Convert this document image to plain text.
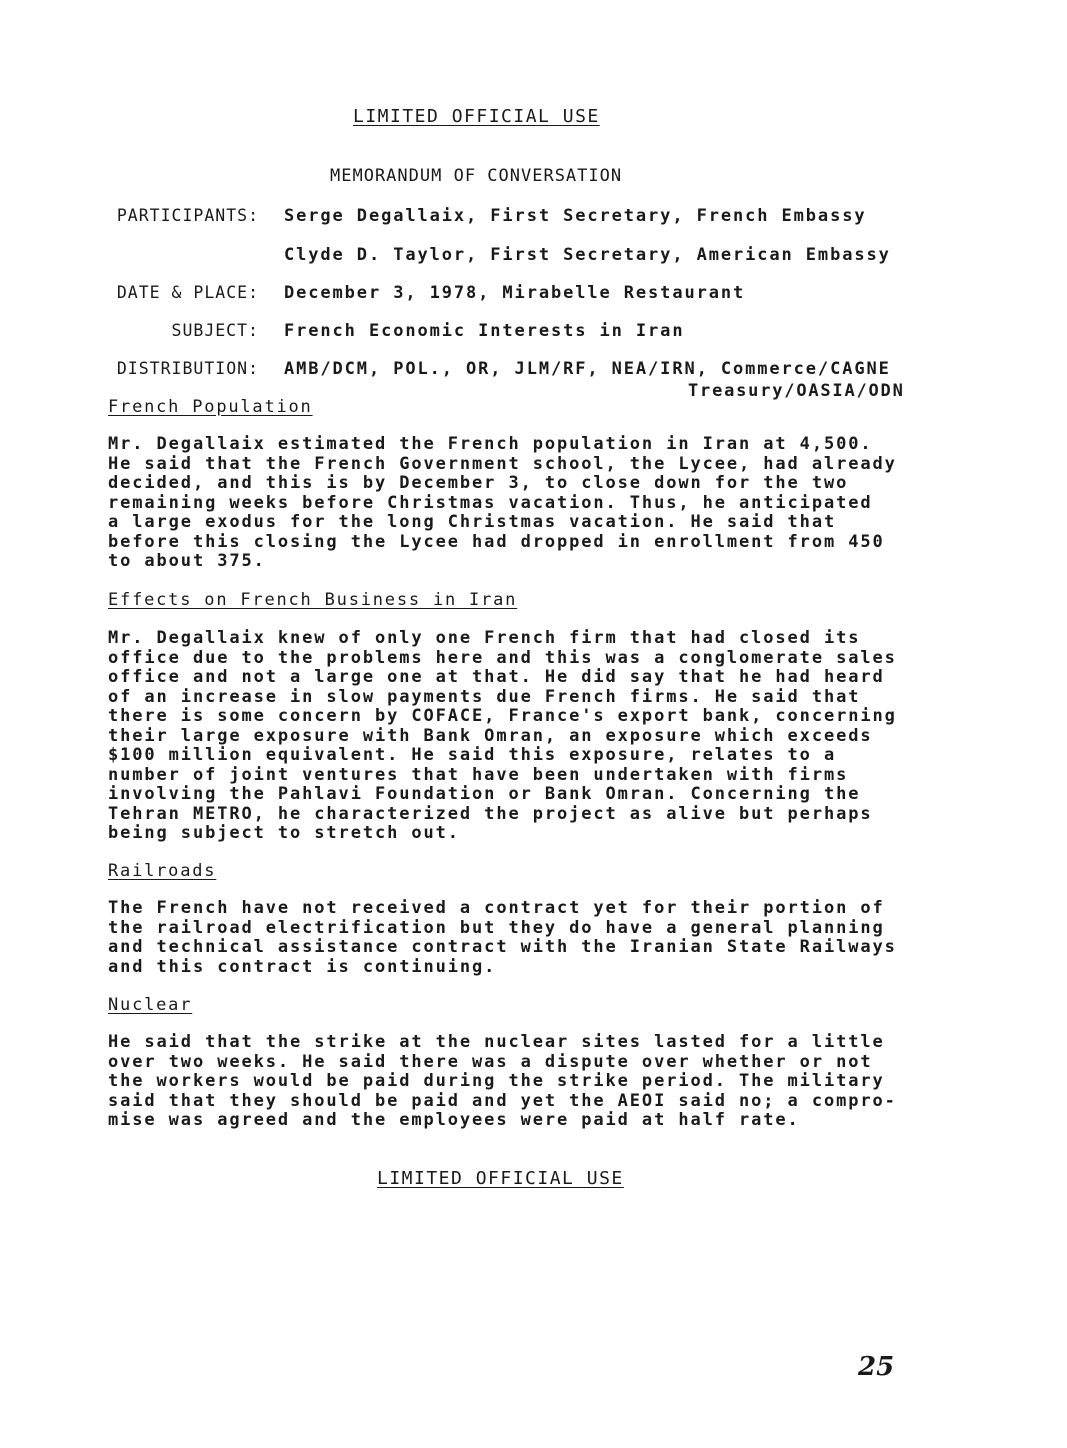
LIMITED OFFICIAL USE
MEMORANDUM OF CONVERSATION
PARTICIPANTS: Serge Degallaix, First Secretary, French Embassy
Clyde D. Taylor, First Secretary, American Embassy
DATE & PLACE: December 3, 1978, Mirabelle Restaurant
SUBJECT: French Economic Interests in Iran
DISTRIBUTION: AMB/DCM, POL., OR, JLM/RF, NEA/IRN, Commerce/CAGNE
Treasury/OASIA/ODN
French Population
Mr. Degallaix estimated the French population in Iran at 4,500.
He said that the French Government school, the Lycee, had already
decided, and this is by December 3, to close down for the two
remaining weeks before Christmas vacation. Thus, he anticipated
a large exodus for the long Christmas vacation. He said that
before this closing the Lycee had dropped in enrollment from 450
to about 375.
Effects on French Business in Iran
Mr. Degallaix knew of only one French firm that had closed its
office due to the problems here and this was a conglomerate sales
office and not a large one at that. He did say that he had heard
of an increase in slow payments due French firms. He said that
there is some concern by COFACE, France's export bank, concerning
their large exposure with Bank Omran, an exposure which exceeds
$100 million equivalent. He said this exposure, relates to a
number of joint ventures that have been undertaken with firms
involving the Pahlavi Foundation or Bank Omran. Concerning the
Tehran METRO, he characterized the project as alive but perhaps
being subject to stretch out.
Railroads
The French have not received a contract yet for their portion of
the railroad electrification but they do have a general planning
and technical assistance contract with the Iranian State Railways
and this contract is continuing.
Nuclear
He said that the strike at the nuclear sites lasted for a little
over two weeks. He said there was a dispute over whether or not
the workers would be paid during the strike period. The military
said that they should be paid and yet the AEOI said no; a compro-
mise was agreed and the employees were paid at half rate.
LIMITED OFFICIAL USE
25
